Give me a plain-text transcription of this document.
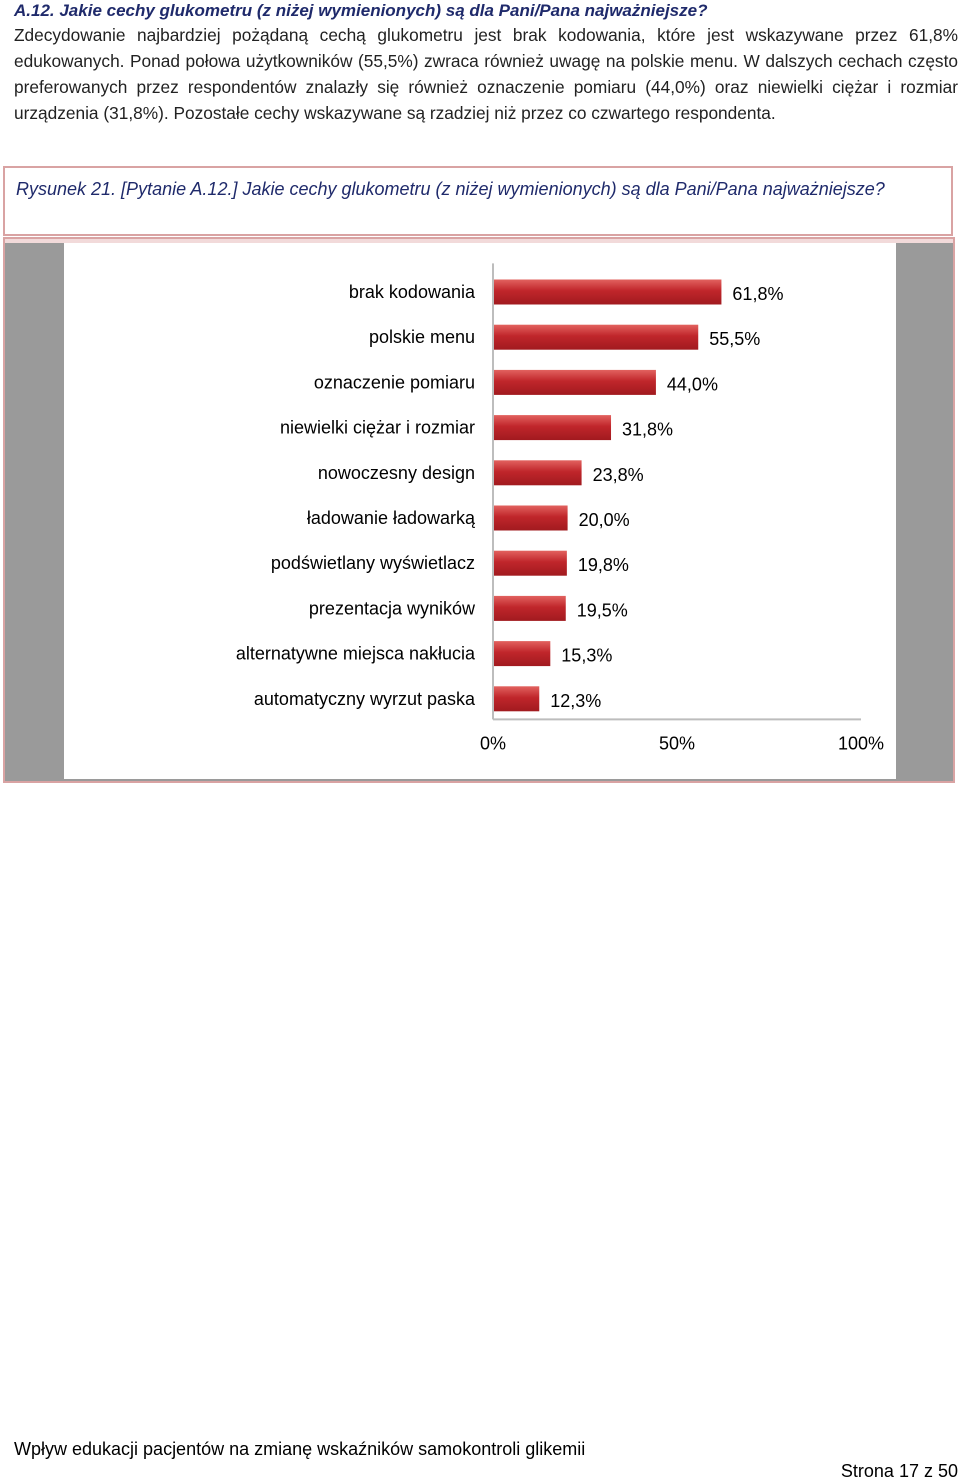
A.12. Jakie cechy glukometru (z niżej wymienionych) są dla Pani/Pana najważniejsze?
Zdecydowanie najbardziej pożądaną cechą glukometru jest brak kodowania, które jest wskazywane przez 61,8% edukowanych. Ponad połowa użytkowników (55,5%) zwraca również uwagę na polskie menu. W dalszych cechach często preferowanych przez respondentów znalazły się również oznaczenie pomiaru (44,0%) oraz niewielki ciężar i rozmiar urządzenia (31,8%). Pozostałe cechy wskazywane są rzadziej niż przez co czwartego respondenta.
Rysunek 21. [Pytanie A.12.] Jakie cechy glukometru (z niżej wymienionych) są dla Pani/Pana najważniejsze?
brak kodowania	61,8%
polskie menu	55,5%
oznaczenie pomiaru	44,0%
niewielki ciężar i rozmiar	31,8%
nowoczesny design	23,8%
ładowanie ładowarką	20,0%
podświetlany wyświetlacz	19,8%
prezentacja wyników	19,5%
alternatywne miejsca nakłucia	15,3%
automatyczny wyrzut paska	12,3%
0%	50%	100%
Wpływ edukacji pacjentów na zmianę wskaźników samokontroli glikemii
Strona 17 z 50
